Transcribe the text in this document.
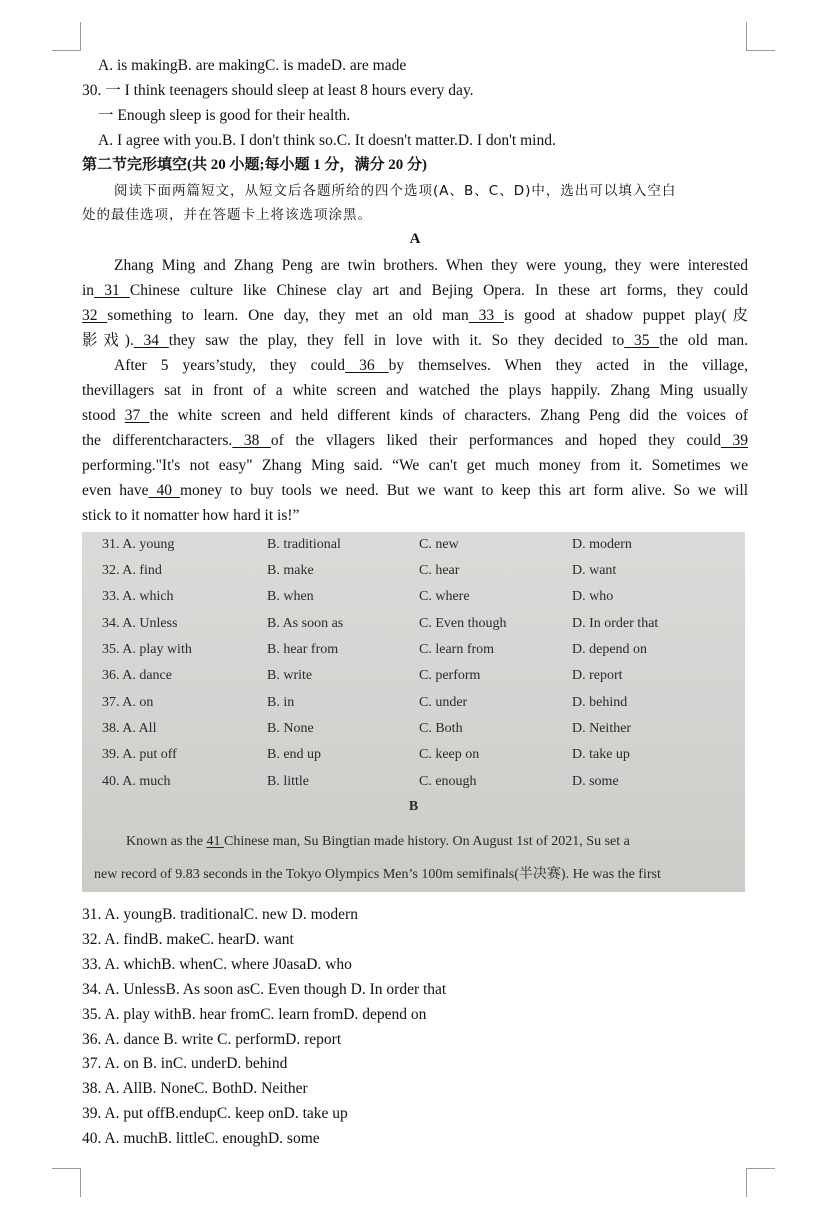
A. is makingB. are makingC. is madeD. are made
30. 一 I think teenagers should sleep at least 8 hours every day.
一 Enough sleep is good for their health.
A. I agree with you.B. I don't think so.C. It doesn't matter.D. I don't mind.
第二节完形填空(共 20 小题;每小题 1 分，满分 20 分)
阅读下面两篇短文，从短文后各题所给的四个选项(A、B、C、D)中，选出可以填入空白
处的最佳选项，并在答题卡上将该选项涂黑。
A
Zhang Ming and Zhang Peng are twin brothers. When they were young, they were interested
in 31 Chinese culture like Chinese clay art and Bejing Opera. In these art forms, they could
32 something to learn. One day, they met an old man 33 is good at shadow puppet play(皮
影戏). 34 they saw the play, they fell in love with it. So they decided to 35 the old man.
After 5 years’study, they could 36 by themselves. When they acted in the village,
thevillagers sat in front of a white screen and watched the plays happily. Zhang Ming usually
stood 37 the white screen and held different kinds of characters. Zhang Peng did the voices of
the differentcharacters. 38 of the vllagers liked their performances and hoped they could 39
performing."It's not easy" Zhang Ming said. “We can't get much money from it. Sometimes we
even have 40 money to buy tools we need. But we want to keep this art form alive. So we will
stick to it nomatter how hard it is!”
31. A. young	B. traditional	C. new	D. modern
32. A. find	B. make	C. hear	D. want
33. A. which	B. when	C. where	D. who
34. A. Unless	B. As soon as	C. Even though	D. In order that
35. A. play with	B. hear from	C. learn from	D. depend on
36. A. dance	B. write	C. perform	D. report
37. A. on	B. in	C. under	D. behind
38. A. All	B. None	C. Both	D. Neither
39. A. put off	B. end up	C. keep on	D. take up
40. A. much	B. little	C. enough	D. some
B
Known as the 41 Chinese man, Su Bingtian made history. On August 1st of 2021, Su set a
new record of 9.83 seconds in the Tokyo Olympics Men’s 100m semifinals(半决赛). He was the first
31. A. youngB. traditionalC. new D. modern
32. A. findB. makeC. hearD. want
33. A. whichB. whenC. where J0asaD. who
34. A. UnlessB. As soon asC. Even though D. In order that
35. A. play withB. hear fromC. learn fromD. depend on
36. A. dance B. write C. performD. report
37. A. on B. inC. underD. behind
38. A. AllB. NoneC. BothD. Neither
39. A. put offB.endupC. keep onD. take up
40. A. muchB. littleC. enoughD. some
